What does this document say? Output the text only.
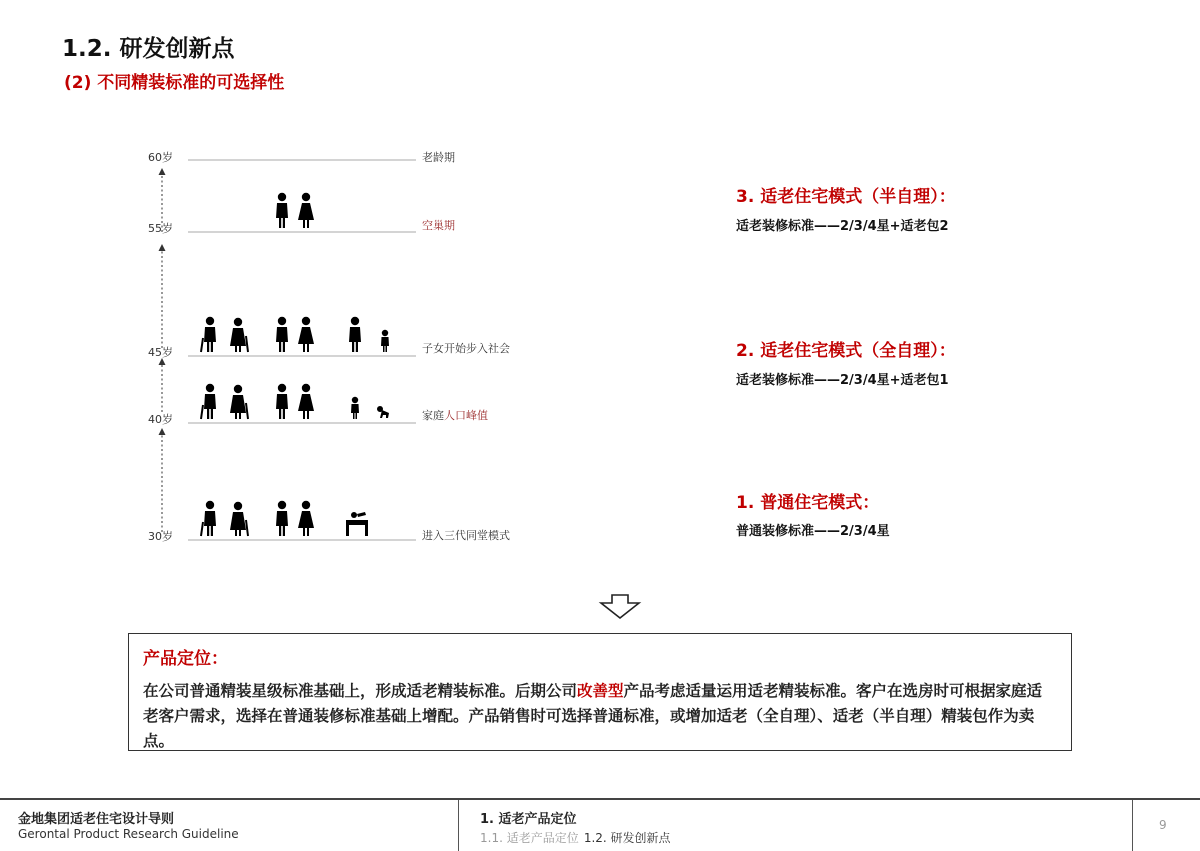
1.2. 研发创新点
(2) 不同精装标准的可选择性
60岁
55岁
45岁
40岁
30岁
老龄期
空巢期
子女开始步入社会
家庭人口峰值
进入三代同堂模式
3. 适老住宅模式（半自理）：
适老装修标准——2/3/4星+适老包2
2. 适老住宅模式（全自理）：
适老装修标准——2/3/4星+适老包1
1. 普通住宅模式：
普通装修标准——2/3/4星
产品定位：
在公司普通精装星级标准基础上，形成适老精装标准。后期公司改善型产品考虑适量运用适老精装标准。客户在选房时可根据家庭适老客户需求，选择在普通装修标准基础上增配。产品销售时可选择普通标准，或增加适老（全自理）、适老（半自理）精装包作为卖点。
金地集团适老住宅设计导则
Gerontal Product Research Guideline
1. 适老产品定位
1.1. 适老产品定位 1.2. 研发创新点
9
